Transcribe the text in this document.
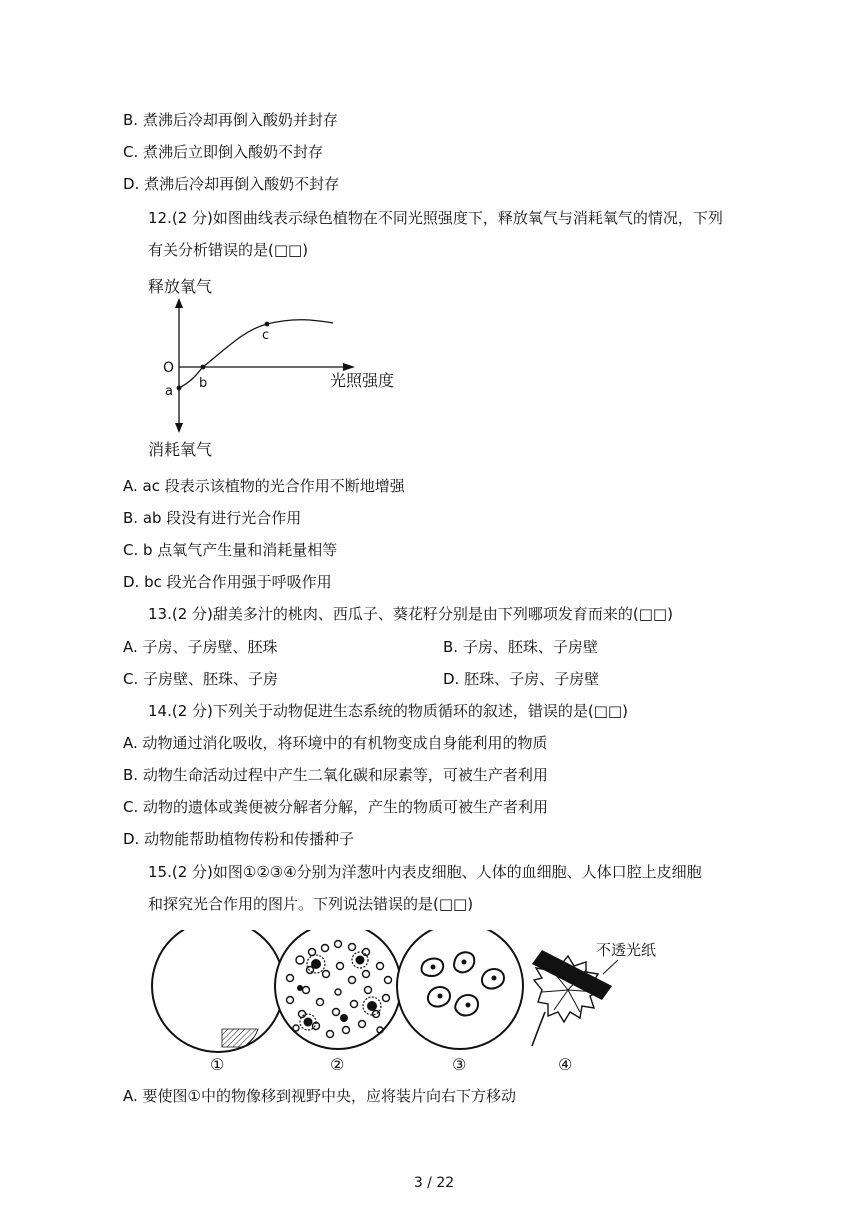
B. 煮沸后冷却再倒入酸奶并封存
C. 煮沸后立即倒入酸奶不封存
D. 煮沸后冷却再倒入酸奶不封存
12.(2 分)如图曲线表示绿色植物在不同光照强度下，释放氧气与消耗氧气的情况，下列
有关分析错误的是(□□)
释放氧气
O
光照强度
a
b
c
消耗氧气
A. ac 段表示该植物的光合作用不断地增强
B. ab 段没有进行光合作用
C. b 点氧气产生量和消耗量相等
D. bc 段光合作用强于呼吸作用
13.(2 分)甜美多汁的桃肉、西瓜子、葵花籽分别是由下列哪项发育而来的(□□)
A. 子房、子房壁、胚珠	B. 子房、胚珠、子房壁
C. 子房壁、胚珠、子房	D. 胚珠、子房、子房壁
14.(2 分)下列关于动物促进生态系统的物质循环的叙述，错误的是(□□)
A. 动物通过消化吸收，将环境中的有机物变成自身能利用的物质
B. 动物生命活动过程中产生二氧化碳和尿素等，可被生产者利用
C. 动物的遗体或粪便被分解者分解，产生的物质可被生产者利用
D. 动物能帮助植物传粉和传播种子
15.(2 分)如图①②③④分别为洋葱叶内表皮细胞、人体的血细胞、人体口腔上皮细胞
和探究光合作用的图片。下列说法错误的是(□□)
不透光纸
①	②	③	④
A. 要使图①中的物像移到视野中央，应将装片向右下方移动
3 / 22
